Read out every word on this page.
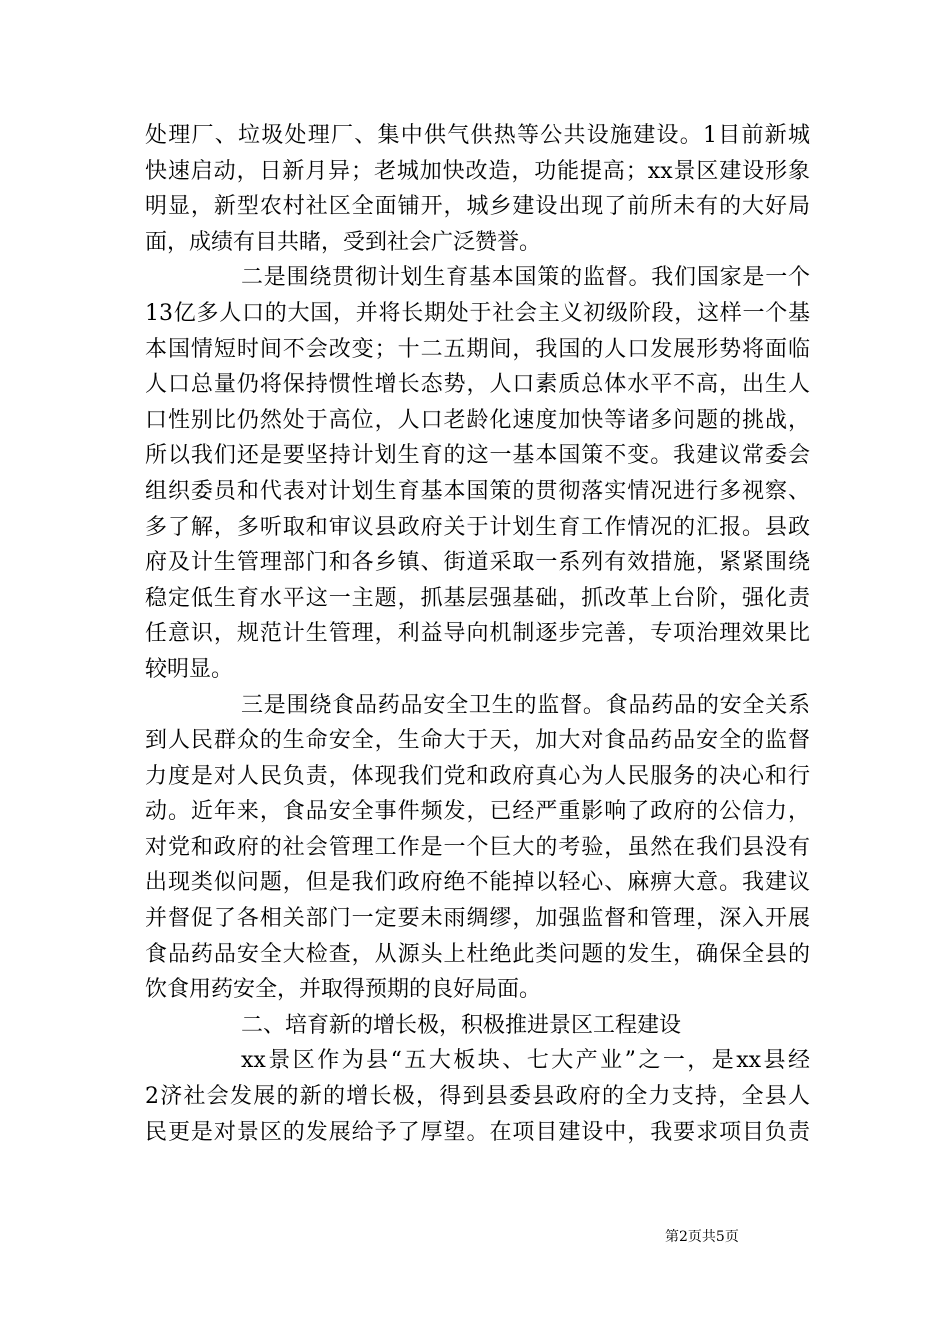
处理厂、垃圾处理厂、集中供气供热等公共设施建设。1目前新城
快速启动，日新月异；老城加快改造，功能提高；xx景区建设形象
明显，新型农村社区全面铺开，城乡建设出现了前所未有的大好局
面，成绩有目共睹，受到社会广泛赞誉。
二是围绕贯彻计划生育基本国策的监督。我们国家是一个
13亿多人口的大国，并将长期处于社会主义初级阶段，这样一个基
本国情短时间不会改变；十二五期间，我国的人口发展形势将面临
人口总量仍将保持惯性增长态势，人口素质总体水平不高，出生人
口性别比仍然处于高位，人口老龄化速度加快等诸多问题的挑战，
所以我们还是要坚持计划生育的这一基本国策不变。我建议常委会
组织委员和代表对计划生育基本国策的贯彻落实情况进行多视察、
多了解，多听取和审议县政府关于计划生育工作情况的汇报。县政
府及计生管理部门和各乡镇、街道采取一系列有效措施，紧紧围绕
稳定低生育水平这一主题，抓基层强基础，抓改革上台阶，强化责
任意识，规范计生管理，利益导向机制逐步完善，专项治理效果比
较明显。
三是围绕食品药品安全卫生的监督。食品药品的安全关系
到人民群众的生命安全，生命大于天，加大对食品药品安全的监督
力度是对人民负责，体现我们党和政府真心为人民服务的决心和行
动。近年来，食品安全事件频发，已经严重影响了政府的公信力，
对党和政府的社会管理工作是一个巨大的考验，虽然在我们县没有
出现类似问题，但是我们政府绝不能掉以轻心、麻痹大意。我建议
并督促了各相关部门一定要未雨绸缪，加强监督和管理，深入开展
食品药品安全大检查，从源头上杜绝此类问题的发生，确保全县的
饮食用药安全，并取得预期的良好局面。
二、培育新的增长极，积极推进景区工程建设
xx景区作为县“五大板块、七大产业”之一，是xx县经
2济社会发展的新的增长极，得到县委县政府的全力支持，全县人
民更是对景区的发展给予了厚望。在项目建设中，我要求项目负责
第2页共5页
